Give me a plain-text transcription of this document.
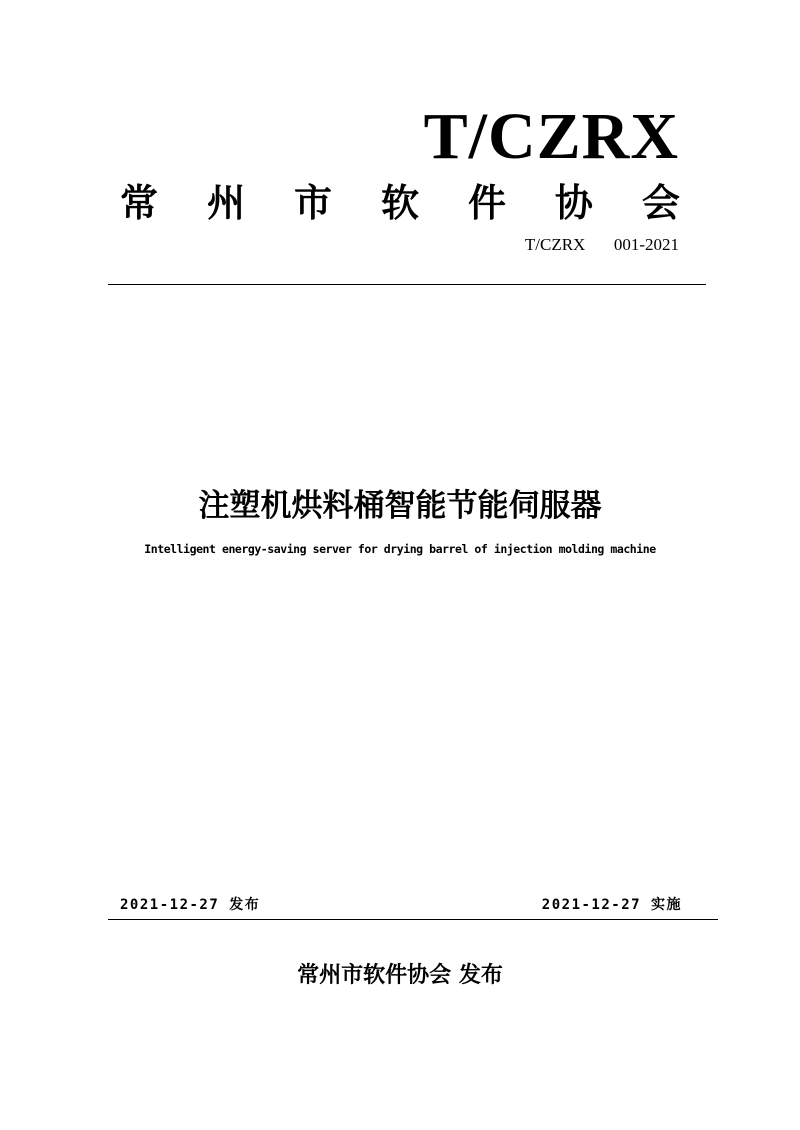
T/CZRX
常 州 市 软 件 协 会
T/CZRX  001-2021
注塑机烘料桶智能节能伺服器
Intelligent energy-saving server for drying barrel of injection molding machine
2021-12-27 发布	2021-12-27 实施
常州市软件协会 发布
